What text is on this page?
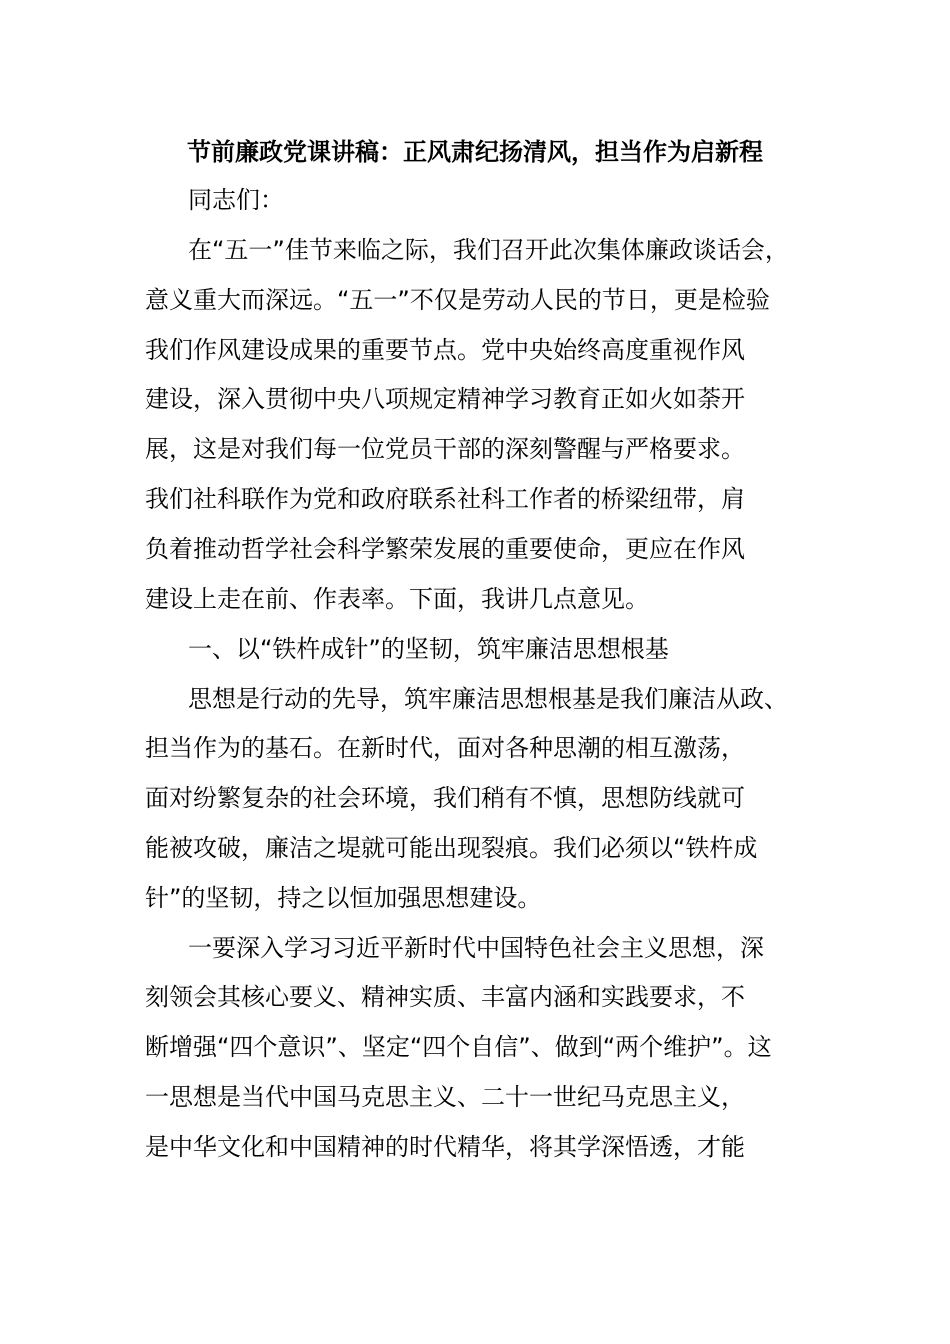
节前廉政党课讲稿：正风肃纪扬清风，担当作为启新程
同志们：
在“五一”佳节来临之际，我们召开此次集体廉政谈话会，
意义重大而深远。“五一”不仅是劳动人民的节日，更是检验
我们作风建设成果的重要节点。党中央始终高度重视作风
建设，深入贯彻中央八项规定精神学习教育正如火如荼开
展，这是对我们每一位党员干部的深刻警醒与严格要求。
我们社科联作为党和政府联系社科工作者的桥梁纽带，肩
负着推动哲学社会科学繁荣发展的重要使命，更应在作风
建设上走在前、作表率。下面，我讲几点意见。
一、以“铁杵成针”的坚韧，筑牢廉洁思想根基
思想是行动的先导，筑牢廉洁思想根基是我们廉洁从政、
担当作为的基石。在新时代，面对各种思潮的相互激荡，
面对纷繁复杂的社会环境，我们稍有不慎，思想防线就可
能被攻破，廉洁之堤就可能出现裂痕。我们必须以“铁杵成
针”的坚韧，持之以恒加强思想建设。
一要深入学习习近平新时代中国特色社会主义思想，深
刻领会其核心要义、精神实质、丰富内涵和实践要求，不
断增强“四个意识”、坚定“四个自信”、做到“两个维护”。这
一思想是当代中国马克思主义、二十一世纪马克思主义，
是中华文化和中国精神的时代精华，将其学深悟透，才能
